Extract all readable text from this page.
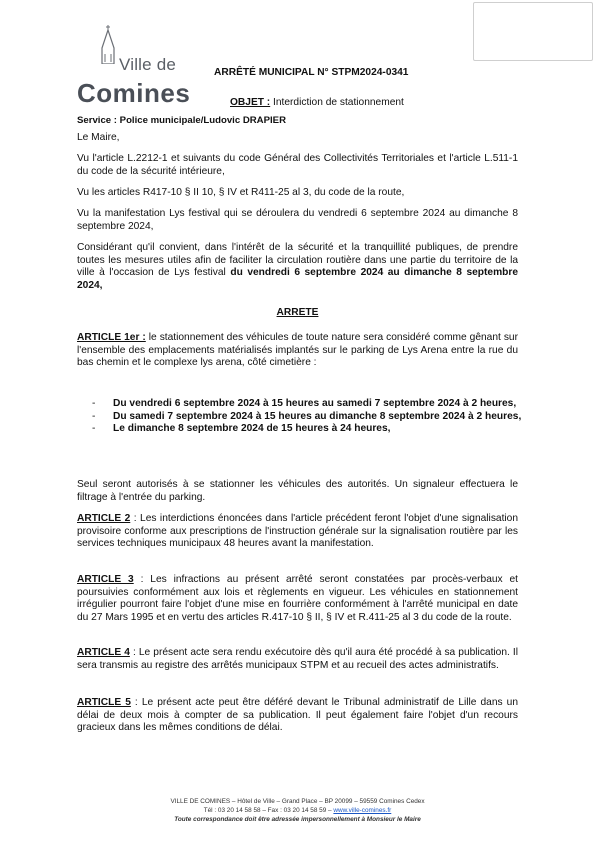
Ville de
Comines
ARRÊTÉ MUNICIPAL N° STPM2024-0341
OBJET : Interdiction de stationnement
Service : Police municipale/Ludovic DRAPIER
Le Maire,
Vu l'article L.2212-1 et suivants du code Général des Collectivités Territoriales et l'article L.511-1 du code de la sécurité intérieure,
Vu les articles R417-10 § II 10, § IV et R411-25 al 3, du code de la route,
Vu la manifestation Lys festival qui se déroulera du vendredi 6 septembre 2024 au dimanche 8 septembre 2024,
Considérant qu'il convient, dans l'intérêt de la sécurité et la tranquillité publiques, de prendre toutes les mesures utiles afin de faciliter la circulation routière dans une partie du territoire de la ville à l'occasion de Lys festival du vendredi 6 septembre 2024 au dimanche 8 septembre 2024,
ARRETE
ARTICLE 1er : le stationnement des véhicules de toute nature sera considéré comme gênant sur l'ensemble des emplacements matérialisés implantés sur le parking de Lys Arena entre la rue du bas chemin et le complexe lys arena, côté cimetière :
- Du vendredi 6 septembre 2024 à 15 heures au samedi 7 septembre 2024 à 2 heures,
- Du samedi 7 septembre 2024 à 15 heures au dimanche 8 septembre 2024 à 2 heures,
- Le dimanche 8 septembre 2024 de 15 heures à 24 heures,
Seul seront autorisés à se stationner les véhicules des autorités. Un signaleur effectuera le filtrage à l'entrée du parking.
ARTICLE 2 : Les interdictions énoncées dans l'article précédent feront l'objet d'une signalisation provisoire conforme aux prescriptions de l'instruction générale sur la signalisation routière par les services techniques municipaux 48 heures avant la manifestation.
ARTICLE 3 : Les infractions au présent arrêté seront constatées par procès-verbaux et poursuivies conformément aux lois et règlements en vigueur. Les véhicules en stationnement irrégulier pourront faire l'objet d'une mise en fourrière conformément à l'arrêté municipal en date du 27 Mars 1995 et en vertu des articles R.417-10 § II, § IV et R.411-25 al 3 du code de la route.
ARTICLE 4 : Le présent acte sera rendu exécutoire dès qu'il aura été procédé à sa publication. Il sera transmis au registre des arrêtés municipaux STPM et au recueil des actes administratifs.
ARTICLE 5 : Le présent acte peut être déféré devant le Tribunal administratif de Lille dans un délai de deux mois à compter de sa publication. Il peut également faire l'objet d'un recours gracieux dans les mêmes conditions de délai.
VILLE DE COMINES – Hôtel de Ville – Grand Place – BP 20099 – 59559 Comines Cedex
Tél : 03 20 14 58 58 – Fax : 03 20 14 58 59 – www.ville-comines.fr
Toute correspondance doit être adressée impersonnellement à Monsieur le Maire
